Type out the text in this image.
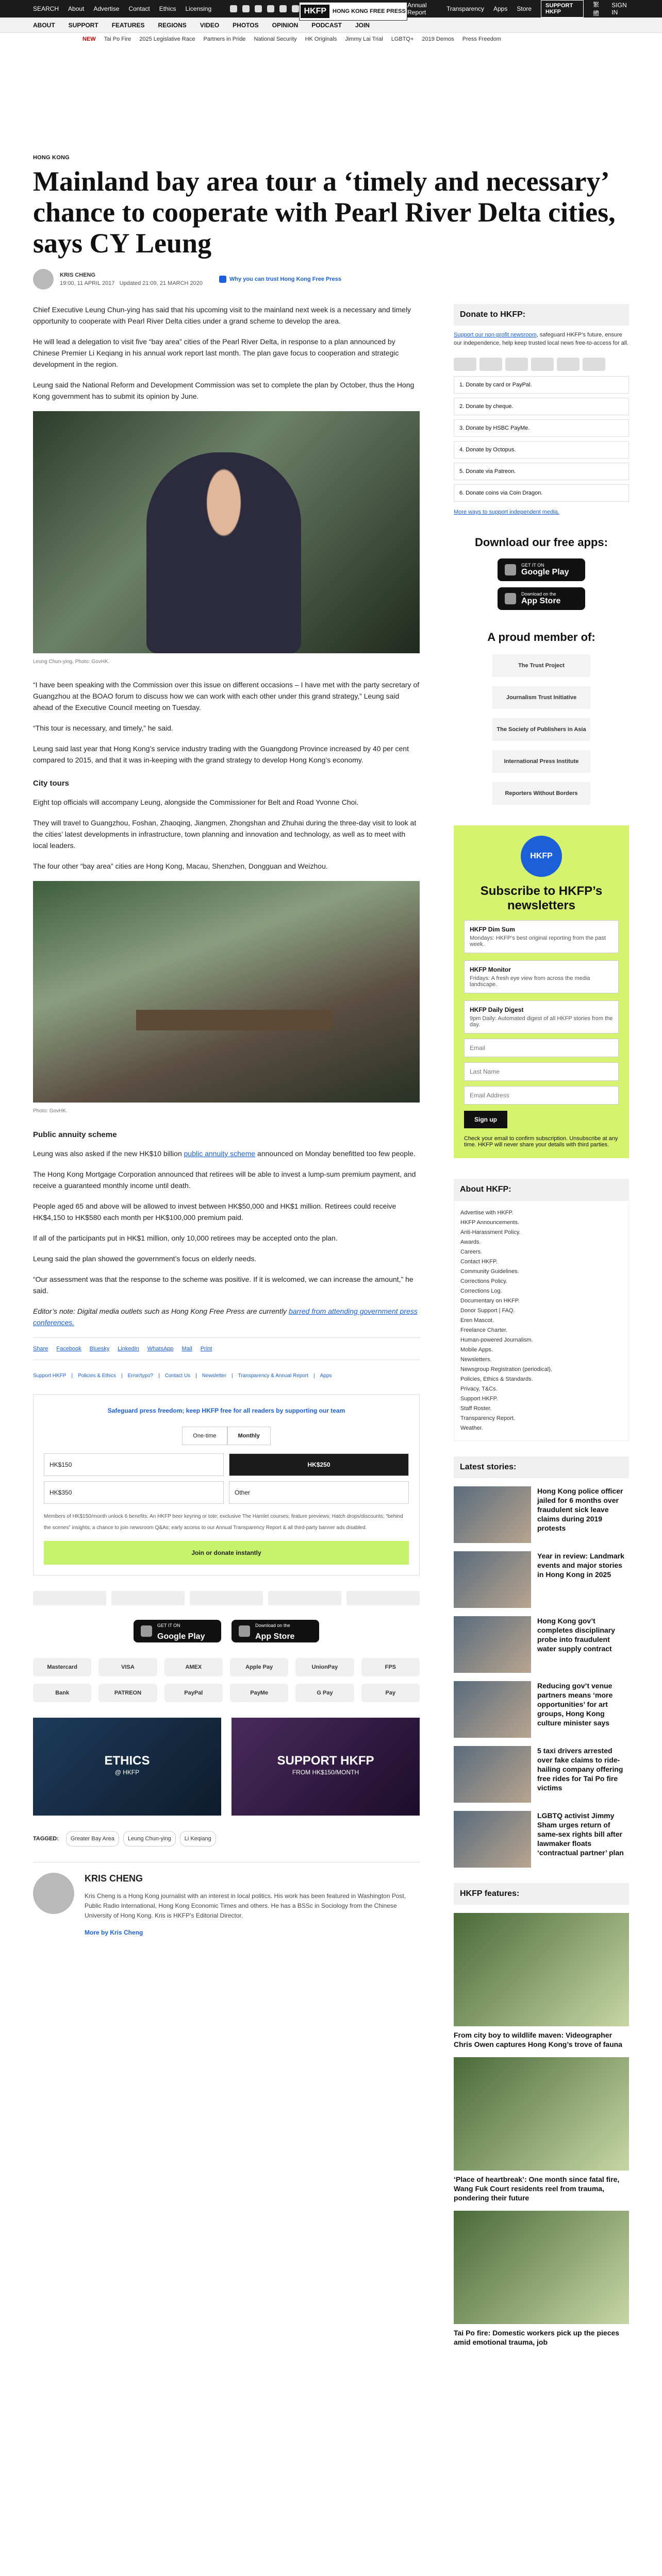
SEARCH About Advertise Contact Ethics Licensing	HKFP	HONG KONG FREE PRESS
Annual Report	Transparency Apps Store	SUPPORT HKFP
繁體
SIGN IN
ABOUT SUPPORT FEATURES REGIONS VIDEO PHOTOS OPINION PODCAST JOIN
NEW Tai Po Fire 2025 Legislative Race Partners in Pride National Security HK Originals Jimmy Lai Trial LGBTQ+ 2019 Demos Press Freedom
HONG KONG
Mainland bay area tour a ‘timely and necessary’ chance to cooperate with Pearl River Delta cities, says CY Leung
KRIS CHENG
19:00, 11 APRIL 2017 Updated 21:09, 21 MARCH 2020
Why you can trust Hong Kong Free Press

Chief Executive Leung Chun-ying has said that his upcoming visit to the mainland next week is a necessary and timely opportunity to cooperate with Pearl River Delta cities under a grand scheme to develop the area.

He will lead a delegation to visit five “bay area” cities of the Pearl River Delta, in response to a plan announced by Chinese Premier Li Keqiang in his annual work report last month. The plan gave focus to cooperation and strategic development in the region.

Leung said the National Reform and Development Commission was set to complete the plan by October, thus the Hong Kong government has to submit its opinion by June.

Leung Chun-ying. Photo: GovHK.

“I have been speaking with the Commission over this issue on different occasions – I have met with the party secretary of Guangzhou at the BOAO forum to discuss how we can work with each other under this grand strategy,” Leung said ahead of the Executive Council meeting on Tuesday.

“This tour is necessary, and timely,” he said.

Leung said last year that Hong Kong’s service industry trading with the Guangdong Province increased by 40 per cent compared to 2015, and that it was in-keeping with the grand strategy to develop Hong Kong’s economy.

City tours

Eight top officials will accompany Leung, alongside the Commissioner for Belt and Road Yvonne Choi.

They will travel to Guangzhou, Foshan, Zhaoqing, Jiangmen, Zhongshan and Zhuhai during the three-day visit to look at the cities’ latest developments in infrastructure, town planning and innovation and technology, as well as to meet with local leaders.

The four other “bay area” cities are Hong Kong, Macau, Shenzhen, Dongguan and Weizhou.

Photo: GovHK.
Public annuity scheme

Leung was also asked if the new HK$10 billion public annuity scheme announced on Monday benefitted too few people.

The Hong Kong Mortgage Corporation announced that retirees will be able to invest a lump-sum premium payment, and receive a guaranteed monthly income until death.

People aged 65 and above will be allowed to invest between HK$50,000 and HK$1 million. Retirees could receive HK$4,150 to HK$580 each month per HK$100,000 premium paid.

If all of the participants put in HK$1 million, only 10,000 retirees may be accepted onto the plan.

Leung said the plan showed the government’s focus on elderly needs.

“Our assessment was that the response to the scheme was positive. If it is welcomed, we can increase the amount,” he said.

Editor’s note: Digital media outlets such as Hong Kong Free Press are currently barred from attending government press conferences.

Share Facebook Bluesky LinkedIn WhatsApp Mail Print
Support HKFP | Policies & Ethics | Error/typo? | Contact Us | Newsletter | Transparency & Annual Report | Apps
Safeguard press freedom; keep HKFP free for all readers by supporting our team
One-time	Monthly
HK$150	HK$250
HK$350	Other
Members of HK$150/month unlock 6 benefits: An HKFP beer keyring or tote; exclusive The Hamlet courses; feature previews; Hatch drops/discounts; “behind the scenes” insights; a chance to join newsroom Q&As; early access to our Annual Transparency Report & all third-party banner ads disabled.
Join or donate instantly
GET IT ON
Google Play
Download on the
App Store
Mastercard	VISA	AMEX	Apple Pay	UnionPay	FPS
Bank	PATREON	PayPal	PayMe	G Pay	Pay
ETHICS
@ HKFP
SUPPORT HKFP
FROM HK$150/MONTH
TAGGED:	Greater Bay Area	Leung Chun-ying	Li Keqiang
KRIS CHENG
Kris Cheng is a Hong Kong journalist with an interest in local politics. His work has been featured in Washington Post, Public Radio International, Hong Kong Economic Times and others. He has a BSSc in Sociology from the Chinese University of Hong Kong. Kris is HKFP’s Editorial Director.
More by Kris Cheng
Donate to HKFP:
Support our non-profit newsroom, safeguard HKFP’s future, ensure our independence, help keep trusted local news free-to-access for all.
1. Donate by card or PayPal.
2. Donate by cheque.
3. Donate by HSBC PayMe.
4. Donate by Octopus.
5. Donate via Patreon.
6. Donate coins via Coin Dragon.
More ways to support independent media.
Download our free apps:
GET IT ON
Google Play
Download on the
App Store
A proud member of:
The Trust Project
Journalism Trust Initiative
The Society of Publishers in Asia
International Press Institute
Reporters Without Borders
HKFP
Subscribe to HKFP’s newsletters
HKFP Dim Sum
Mondays: HKFP’s best original reporting from the past week.
HKFP Monitor
Fridays: A fresh eye view from across the media landscape.
HKFP Daily Digest
9pm Daily: Automated digest of all HKFP stories from the day.
Email Last Name Email Address
Sign up
Check your email to confirm subscription. Unsubscribe at any time. HKFP will never share your details with third parties.
About HKFP:
Advertise with HKFP.
HKFP Announcements.
Anti-Harassment Policy.
Awards.
Careers.
Contact HKFP.
Community Guidelines.
Corrections Policy.
Corrections Log.
Documentary on HKFP.
Donor Support | FAQ.
Eren Mascot.
Freelance Charter.
Human-powered Journalism.
Mobile Apps.
Newsletters.
Newsgroup Registration (periodical).
Policies, Ethics & Standards.
Privacy, T&Cs.
Support HKFP.
Staff Roster.
Transparency Report.
Weather.
Latest stories:
Hong Kong police officer jailed for 6 months over fraudulent sick leave claims during 2019 protests
Year in review: Landmark events and major stories in Hong Kong in 2025
Hong Kong gov’t completes disciplinary probe into fraudulent water supply contract
Reducing gov’t venue partners means ‘more opportunities’ for art groups, Hong Kong culture minister says
5 taxi drivers arrested over fake claims to ride-hailing company offering free rides for Tai Po fire victims
LGBTQ activist Jimmy Sham urges return of same-sex rights bill after lawmaker floats ‘contractual partner’ plan
HKFP features:
From city boy to wildlife maven: Videographer Chris Owen captures Hong Kong’s trove of fauna
‘Place of heartbreak’: One month since fatal fire, Wang Fuk Court residents reel from trauma, pondering their future
Tai Po fire: Domestic workers pick up the pieces amid emotional trauma, job
